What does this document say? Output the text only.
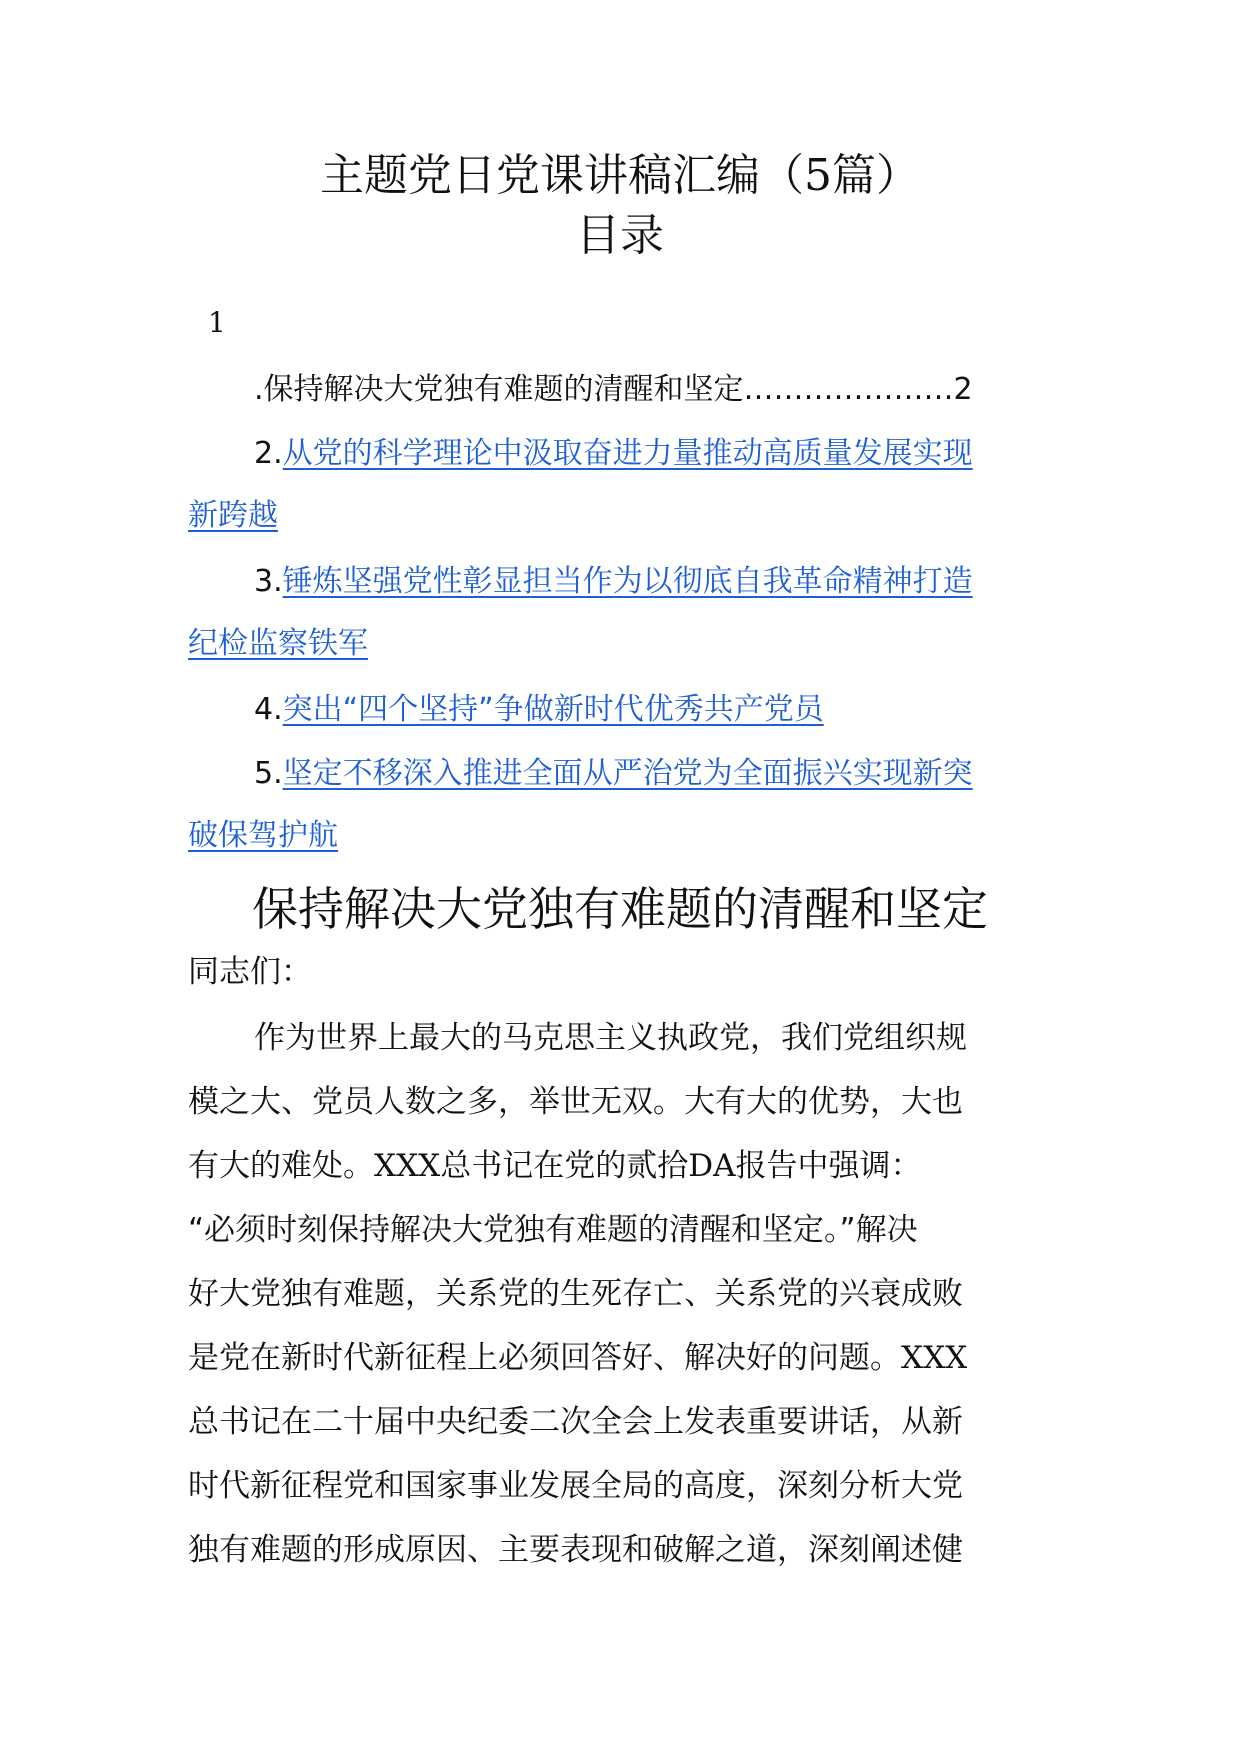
主题党日党课讲稿汇编（5篇）
目录
1
.保持解决大党独有难题的清醒和坚定…………………2
2.从党的科学理论中汲取奋进力量推动高质量发展实现
新跨越
3.锤炼坚强党性彰显担当作为以彻底自我革命精神打造
纪检监察铁军
4.突出“四个坚持”争做新时代优秀共产党员
5.坚定不移深入推进全面从严治党为全面振兴实现新突
破保驾护航
保持解决大党独有难题的清醒和坚定
同志们：
作为世界上最大的马克思主义执政党，我们党组织规
模之大、党员人数之多，举世无双。大有大的优势，大也
有大的难处。XXX总书记在党的贰拾DA报告中强调：
“必须时刻保持解决大党独有难题的清醒和坚定。”解决
好大党独有难题，关系党的生死存亡、关系党的兴衰成败
是党在新时代新征程上必须回答好、解决好的问题。XXX
总书记在二十届中央纪委二次全会上发表重要讲话，从新
时代新征程党和国家事业发展全局的高度，深刻分析大党
独有难题的形成原因、主要表现和破解之道，深刻阐述健
